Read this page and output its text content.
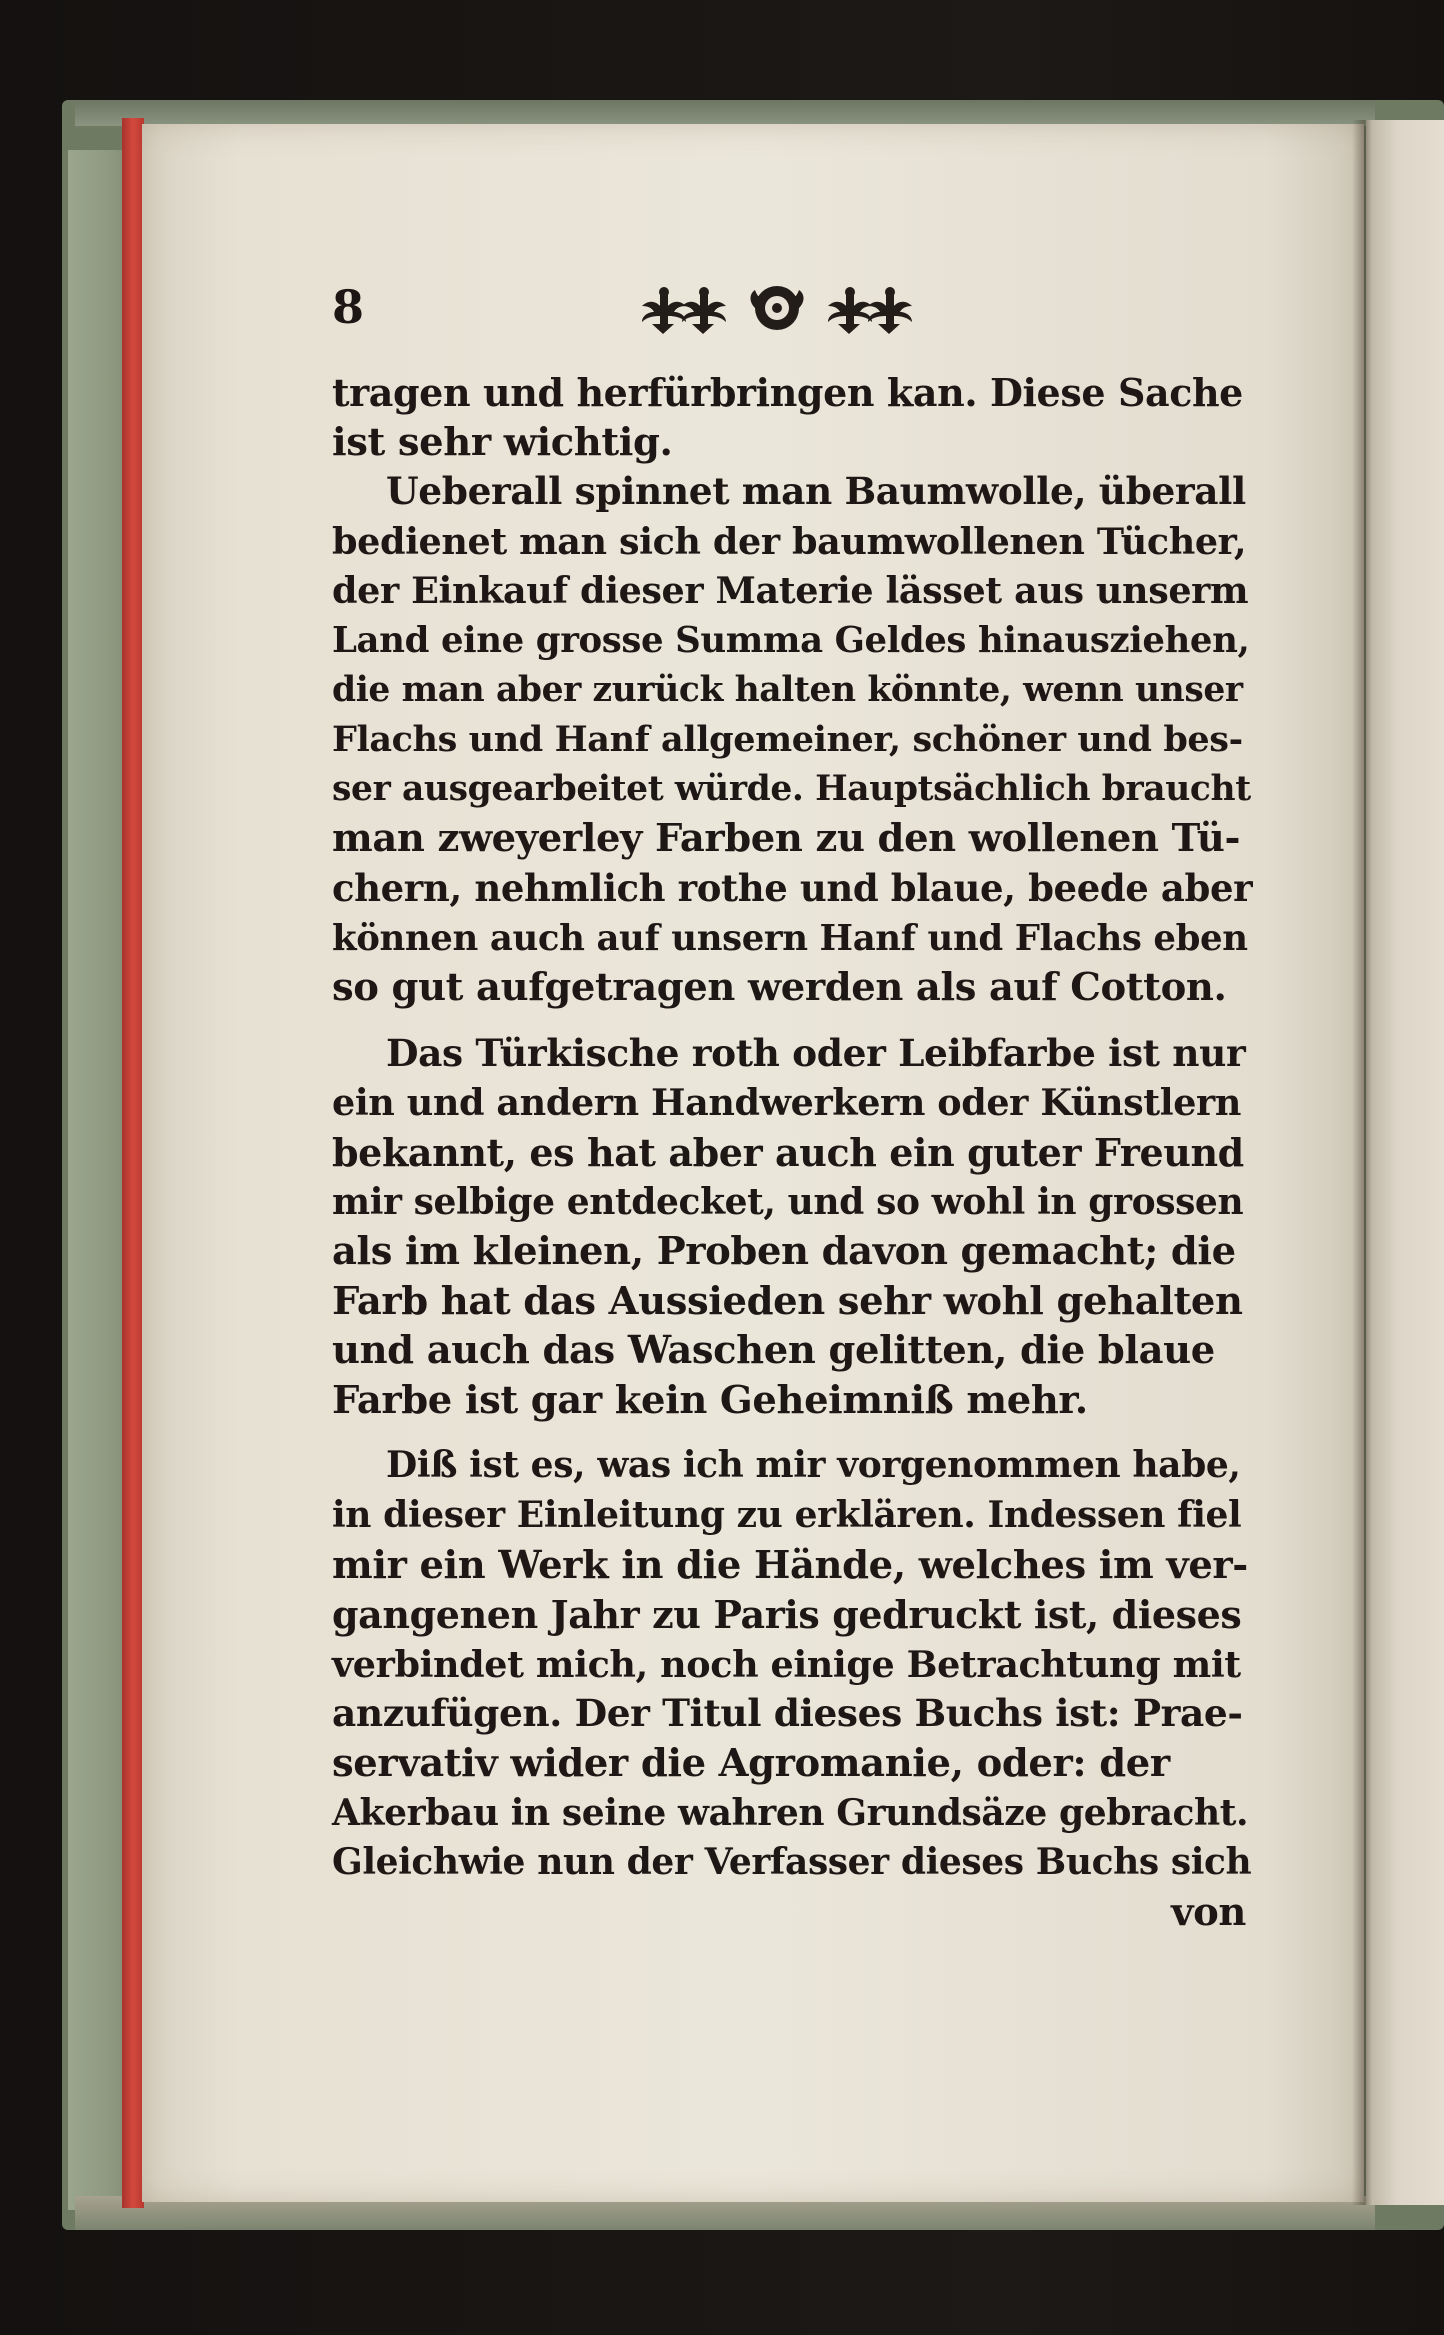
8
tragen und herfürbringen kan. Diese Sache
ist sehr wichtig.
Ueberall spinnet man Baumwolle, überall
bedienet man sich der baumwollenen Tücher,
der Einkauf dieser Materie lässet aus unserm
Land eine grosse Summa Geldes hinausziehen,
die man aber zurück halten könnte, wenn unser
Flachs und Hanf allgemeiner, schöner und bes-
ser ausgearbeitet würde. Hauptsächlich braucht
man zweyerley Farben zu den wollenen Tü-
chern, nehmlich rothe und blaue, beede aber
können auch auf unsern Hanf und Flachs eben
so gut aufgetragen werden als auf Cotton.
Das Türkische roth oder Leibfarbe ist nur
ein und andern Handwerkern oder Künstlern
bekannt, es hat aber auch ein guter Freund
mir selbige entdecket, und so wohl in grossen
als im kleinen, Proben davon gemacht; die
Farb hat das Aussieden sehr wohl gehalten
und auch das Waschen gelitten, die blaue
Farbe ist gar kein Geheimniß mehr.
Diß ist es, was ich mir vorgenommen habe,
in dieser Einleitung zu erklären. Indessen fiel
mir ein Werk in die Hände, welches im ver-
gangenen Jahr zu Paris gedruckt ist, dieses
verbindet mich, noch einige Betrachtung mit
anzufügen. Der Titul dieses Buchs ist: Prae-
servativ wider die Agromanie, oder: der
Akerbau in seine wahren Grundsäze gebracht.
Gleichwie nun der Verfasser dieses Buchs sich
von
